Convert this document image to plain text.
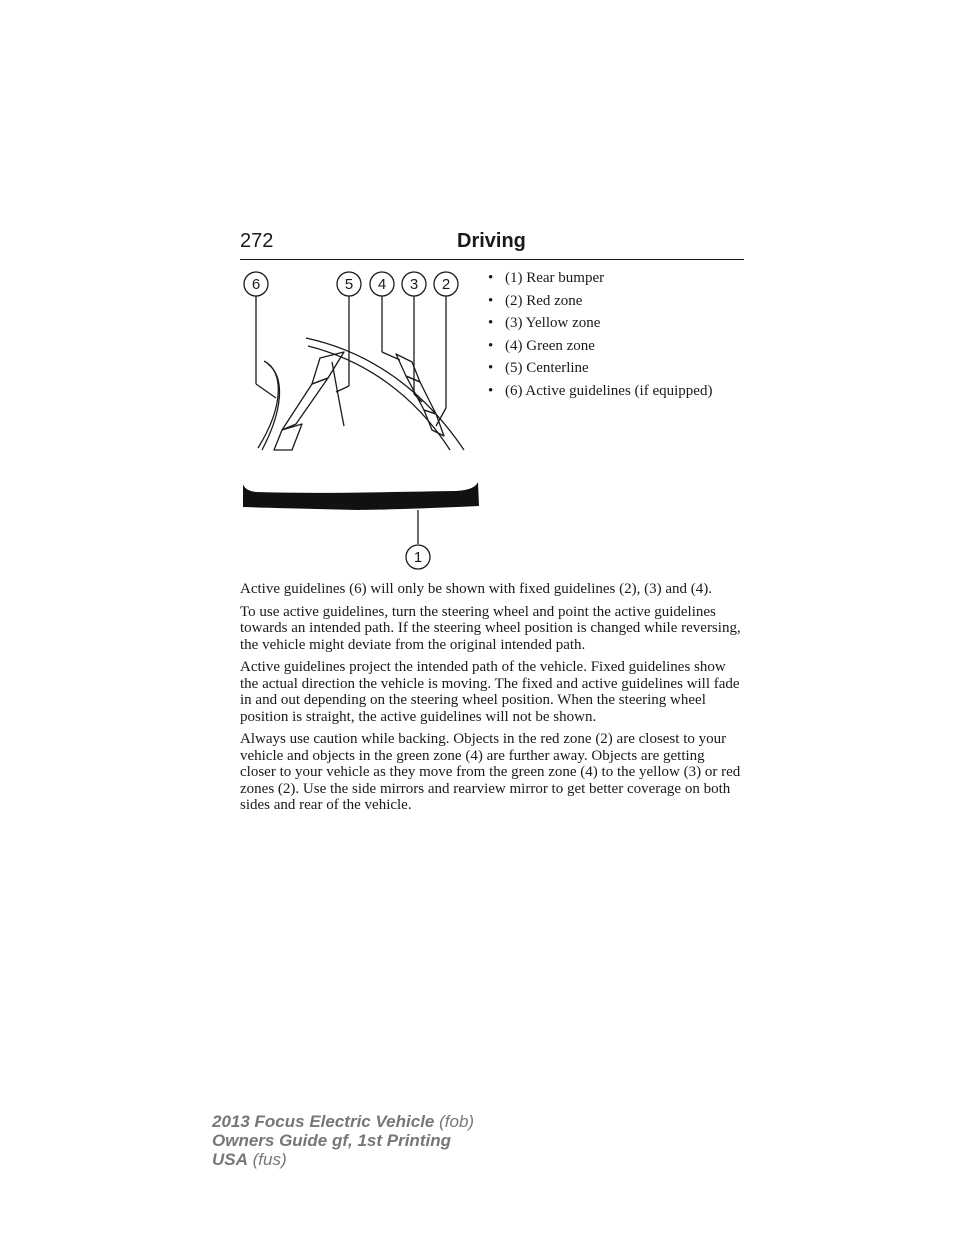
272	Driving
6	5 4 3 2
1
• (1) Rear bumper
• (2) Red zone
• (3) Yellow zone
• (4) Green zone
• (5) Centerline
• (6) Active guidelines (if equipped)

Active guidelines (6) will only be shown with fixed guidelines (2), (3) and (4).

To use active guidelines, turn the steering wheel and point the active guidelines towards an intended path. If the steering wheel position is changed while reversing, the vehicle might deviate from the original intended path.

Active guidelines project the intended path of the vehicle. Fixed guidelines show the actual direction the vehicle is moving. The fixed and active guidelines will fade in and out depending on the steering wheel position. When the steering wheel position is straight, the active guidelines will not be shown.

Always use caution while backing. Objects in the red zone (2) are closest to your vehicle and objects in the green zone (4) are further away. Objects are getting closer to your vehicle as they move from the green zone (4) to the yellow (3) or red zones (2). Use the side mirrors and rearview mirror to get better coverage on both sides and rear of the vehicle.

2013 Focus Electric Vehicle (fob)
Owners Guide gf, 1st Printing
USA (fus)
